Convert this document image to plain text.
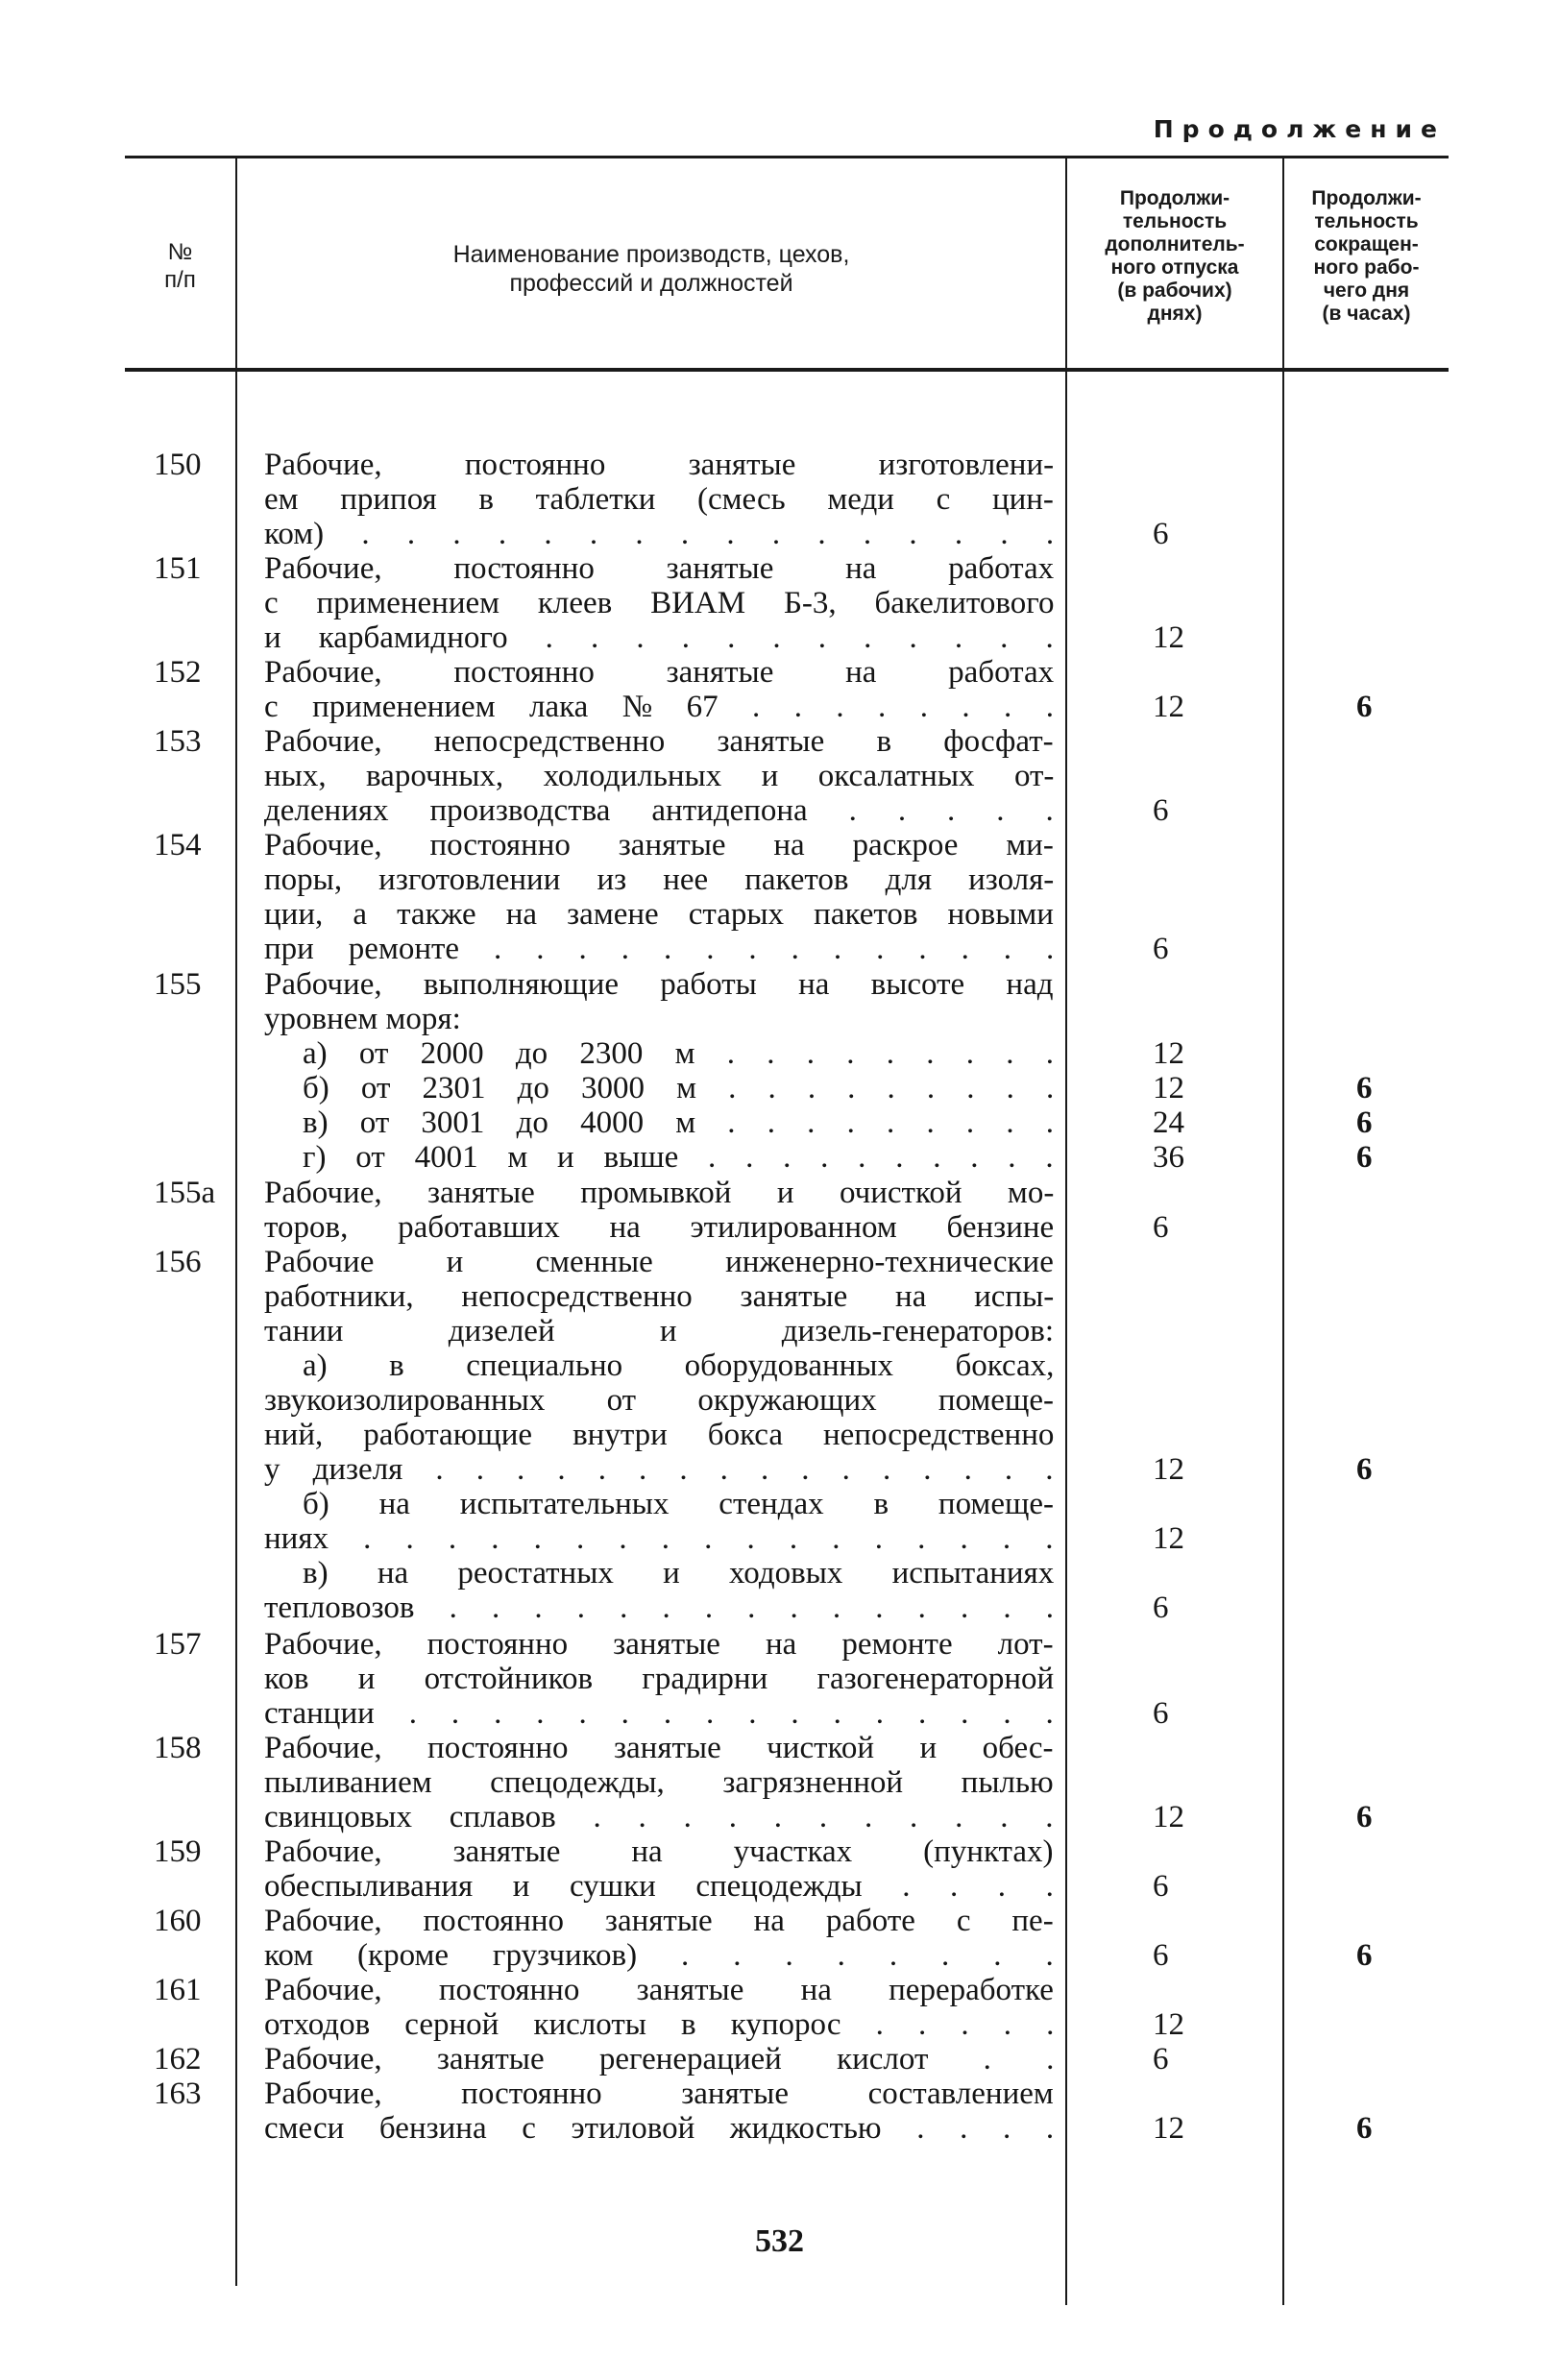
Продолжение
№
п/п
Наименование производств, цехов,
профессий и должностей
Продолжи-
тельность
дополнитель-
ного отпуска
(в рабочих)
днях)
Продолжи-
тельность
сокращен-
ного рабо-
чего дня
(в часах)
150 Рабочие, постоянно занятые изготовлени-
ем припоя в таблетки (смесь меди с цин-
ком) . . . . . . . . . . . . . . . .	6
151 Рабочие, постоянно занятые на работах
с применением клеев ВИАМ Б-3, бакелитового
и карбамидного . . . . . . . . . . . .	12
152 Рабочие, постоянно занятые на работах
с применением лака № 67 . . . . . . . .	12	6
153 Рабочие, непосредственно занятые в фосфат-
ных, варочных, холодильных и оксалатных от-
делениях производства антидепона . . . . .	6
154 Рабочие, постоянно занятые на раскрое ми-
поры, изготовлении из нее пакетов для изоля-
ции, а также на замене старых пакетов новыми
при ремонте . . . . . . . . . . . . . .	6
155 Рабочие, выполняющие работы на высоте над
уровнем моря:
а) от 2000 до 2300 м . . . . . . . . .	12
б) от 2301 до 3000 м . . . . . . . . .	12	6
в) от 3001 до 4000 м . . . . . . . . .	24	6
г) от 4001 м и выше . . . . . . . . . .	36	6
155а Рабочие, занятые промывкой и очисткой мо-
торов, работавших на этилированном бензине	6
156 Рабочие и сменные инженерно-технические
работники, непосредственно занятые на испы-
тании дизелей и дизель-генераторов:
а) в специально оборудованных боксах,
звукоизолированных от окружающих помеще-
ний, работающие внутри бокса непосредственно
у дизеля . . . . . . . . . . . . . . . .	12	6
б) на испытательных стендах в помеще-
ниях . . . . . . . . . . . . . . . . .	12
в) на реостатных и ходовых испытаниях
тепловозов . . . . . . . . . . . . . . .	6
157 Рабочие, постоянно занятые на ремонте лот-
ков и отстойников градирни газогенераторной
станции . . . . . . . . . . . . . . . .	6
158 Рабочие, постоянно занятые чисткой и обес-
пыливанием спецодежды, загрязненной пылью
свинцовых сплавов . . . . . . . . . . .	12	6
159 Рабочие, занятые на участках (пунктах)
обеспыливания и сушки спецодежды . . . .	6
160 Рабочие, постоянно занятые на работе с пе-
ком (кроме грузчиков) . . . . . . . .	6	6
161 Рабочие, постоянно занятые на переработке
отходов серной кислоты в купорос . . . . .	12
162 Рабочие, занятые регенерацией кислот . .	6
163 Рабочие, постоянно занятые составлением
смеси бензина с этиловой жидкостью . . . .	12	6
532
